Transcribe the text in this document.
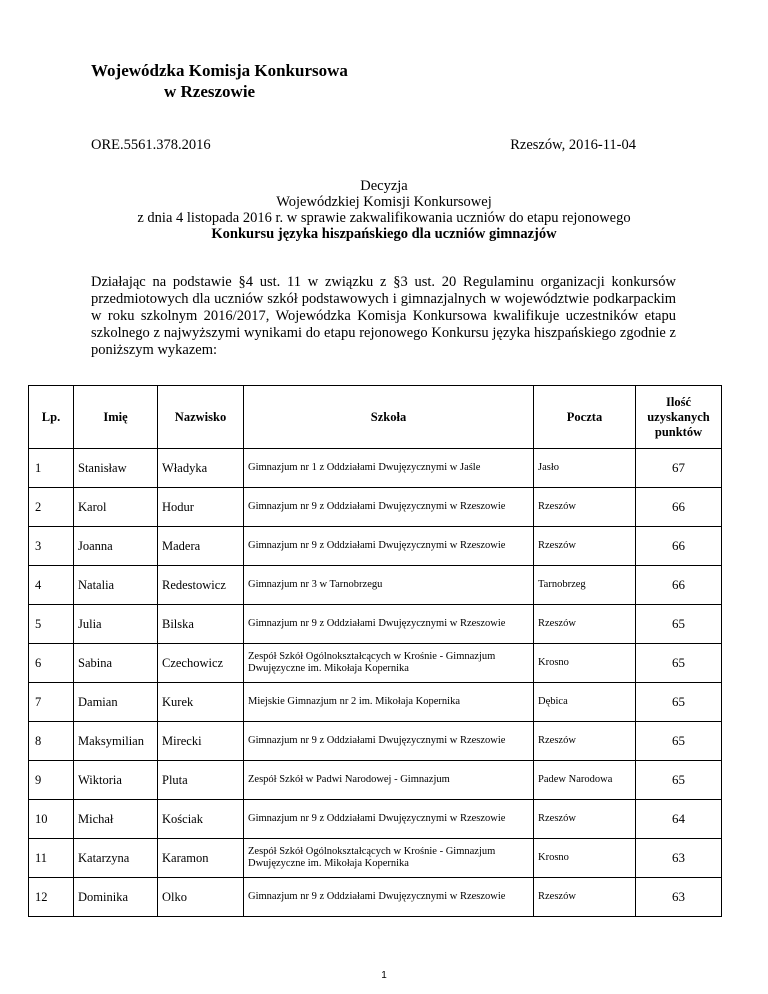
Wojewódzka Komisja Konkursowa
w Rzeszowie
ORE.5561.378.2016	Rzeszów, 2016-11-04
Decyzja
Wojewódzkiej Komisji Konkursowej
z dnia 4 listopada 2016 r. w sprawie zakwalifikowania uczniów do etapu rejonowego
Konkursu języka hiszpańskiego dla uczniów gimnazjów
Działając na podstawie §4 ust. 11 w związku z §3 ust. 20 Regulaminu organizacji konkursów przedmiotowych dla uczniów szkół podstawowych i gimnazjalnych w województwie podkarpackim w roku szkolnym 2016/2017, Wojewódzka Komisja Konkursowa kwalifikuje uczestników etapu szkolnego z najwyższymi wynikami do etapu rejonowego Konkursu języka hiszpańskiego zgodnie z poniższym wykazem:
Lp.	Imię	Nazwisko	Szkoła	Poczta	Ilość uzyskanych punktów
1	Stanisław	Władyka	Gimnazjum nr 1 z Oddziałami Dwujęzycznymi w Jaśle	Jasło	67
2	Karol	Hodur	Gimnazjum nr 9 z Oddziałami Dwujęzycznymi w Rzeszowie	Rzeszów	66
3	Joanna	Madera	Gimnazjum nr 9 z Oddziałami Dwujęzycznymi w Rzeszowie	Rzeszów	66
4	Natalia	Redestowicz	Gimnazjum nr 3 w Tarnobrzegu	Tarnobrzeg	66
5	Julia	Bilska	Gimnazjum nr 9 z Oddziałami Dwujęzycznymi w Rzeszowie	Rzeszów	65
6	Sabina	Czechowicz	Zespół Szkół Ogólnokształcących w Krośnie - Gimnazjum Dwujęzyczne im. Mikołaja Kopernika	Krosno	65
7	Damian	Kurek	Miejskie Gimnazjum nr 2 im. Mikołaja Kopernika	Dębica	65
8	Maksymilian	Mirecki	Gimnazjum nr 9 z Oddziałami Dwujęzycznymi w Rzeszowie	Rzeszów	65
9	Wiktoria	Pluta	Zespół Szkół w Padwi Narodowej - Gimnazjum	Padew Narodowa	65
10	Michał	Kościak	Gimnazjum nr 9 z Oddziałami Dwujęzycznymi w Rzeszowie	Rzeszów	64
11	Katarzyna	Karamon	Zespół Szkół Ogólnokształcących w Krośnie - Gimnazjum Dwujęzyczne im. Mikołaja Kopernika	Krosno	63
12	Dominika	Olko	Gimnazjum nr 9 z Oddziałami Dwujęzycznymi w Rzeszowie	Rzeszów	63
1
